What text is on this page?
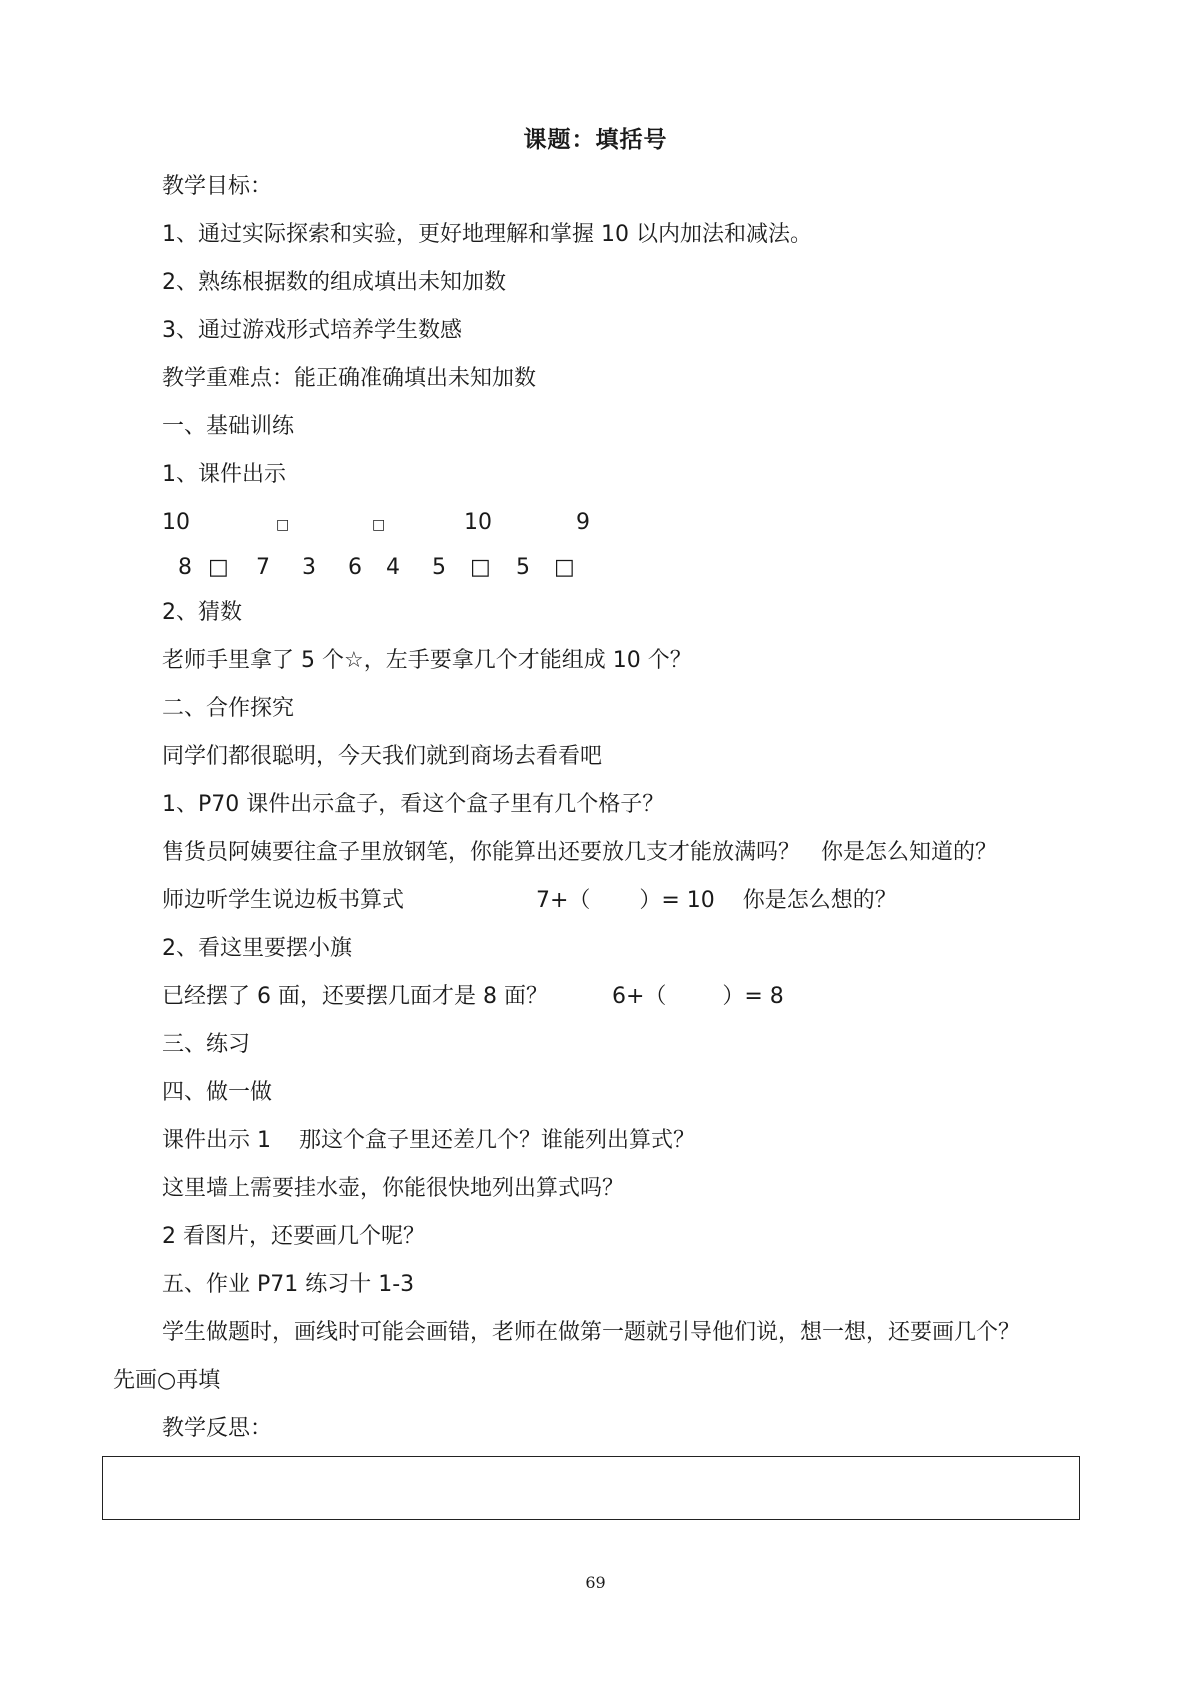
课题：填括号
教学目标：
1、通过实际探索和实验，更好地理解和掌握 10 以内加法和减法。
2、熟练根据数的组成填出未知加数
3、通过游戏形式培养学生数感
教学重难点：能正确准确填出未知加数
一、基础训练
1、课件出示
10	□	□	10	9
8 □ 7 3 6 4 5 □ 5 □
2、猜数
老师手里拿了 5 个☆，左手要拿几个才能组成 10 个？
二、合作探究
同学们都很聪明，今天我们就到商场去看看吧
1、P70 课件出示盒子，看这个盒子里有几个格子？
售货员阿姨要往盒子里放钢笔，你能算出还要放几支才能放满吗？   你是怎么知道的？
师边听学生说边板书算式	7+（       ）= 10    你是怎么想的？
2、看这里要摆小旗
已经摆了 6 面，还要摆几面才是 8 面？	6+（        ）= 8
三、练习
四、做一做
课件出示 1    那这个盒子里还差几个？谁能列出算式？
这里墙上需要挂水壶，你能很快地列出算式吗？
2 看图片，还要画几个呢？
五、作业 P71 练习十 1-3
学生做题时，画线时可能会画错，老师在做第一题就引导他们说，想一想，还要画几个？
先画○再填
教学反思：
69
